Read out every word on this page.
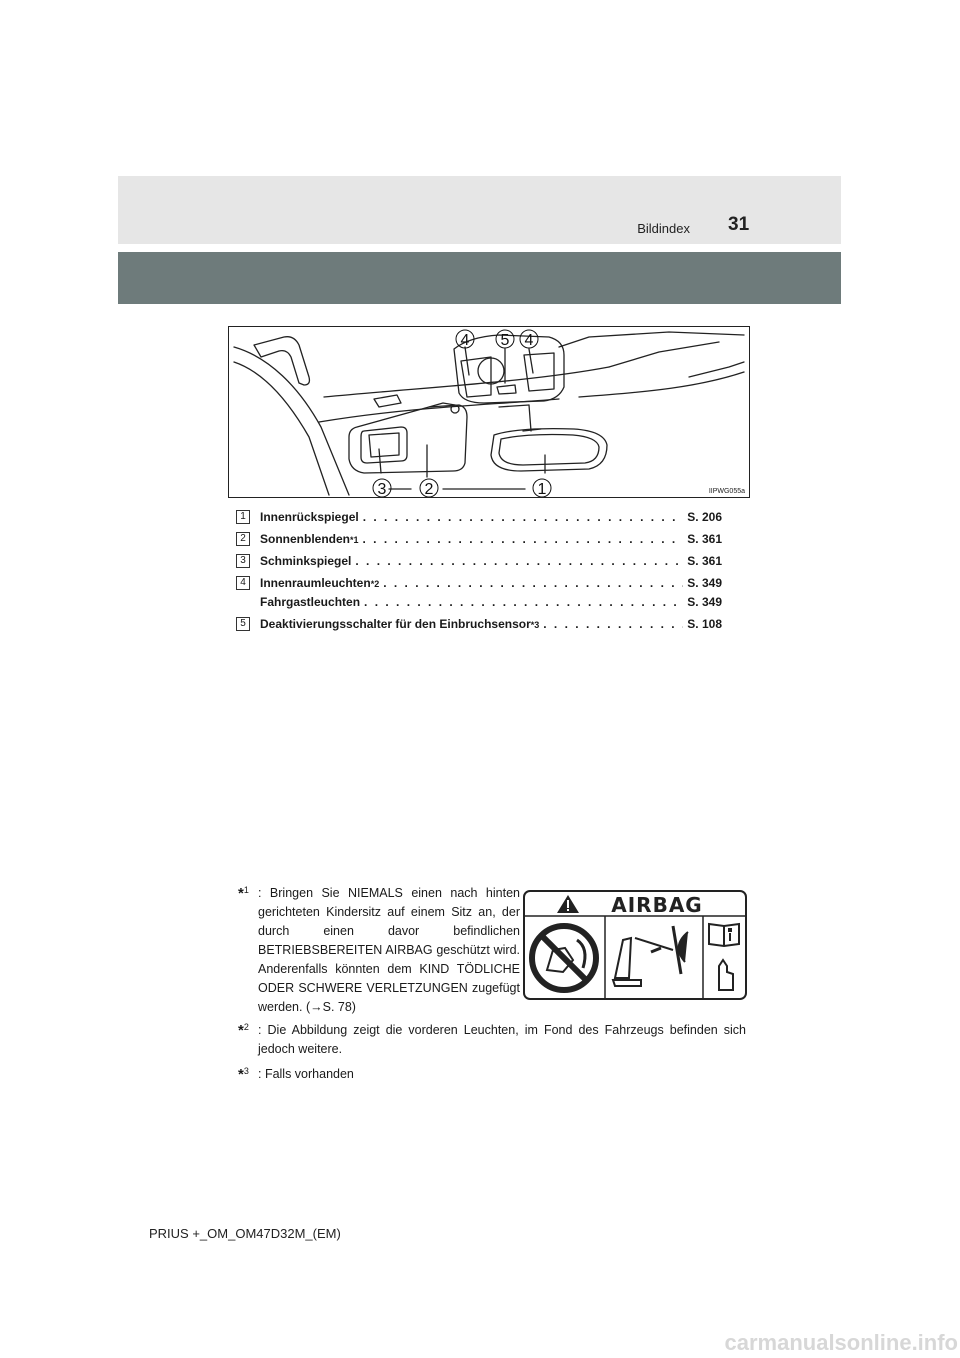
Bildindex 31
1
2
3
4 5 4
IIPWG055a
1	Innenrückspiegel . . .	S. 206
2	Sonnenblenden *1 . . .	S. 361
3	Schminkspiegel . . .	S. 361
4	Innenraumleuchten *2 . . .	S. 349
Fahrgastleuchten . . .	S. 349
5	Deaktivierungsschalter für den Einbruchsensor *3 . . .	S. 108
*$^1$ : Bringen Sie NIEMALS einen nach hinten gerichteten Kindersitz auf einem Sitz an, der durch einen davor befindlichen BETRIEBSBEREITEN AIRBAG geschützt wird. Anderenfalls könnten dem KIND TÖDLICHE ODER SCHWERE VERLETZUNGEN zugefügt werden. (→S. 78)
*$^2$ : Die Abbildung zeigt die vorderen Leuchten, im Fond des Fahrzeugs befinden sich jedoch weitere.
*$^3$ : Falls vorhanden
AIRBAG
PRIUS +_OM_OM47D32M_(EM)
carmanualsonline.info
